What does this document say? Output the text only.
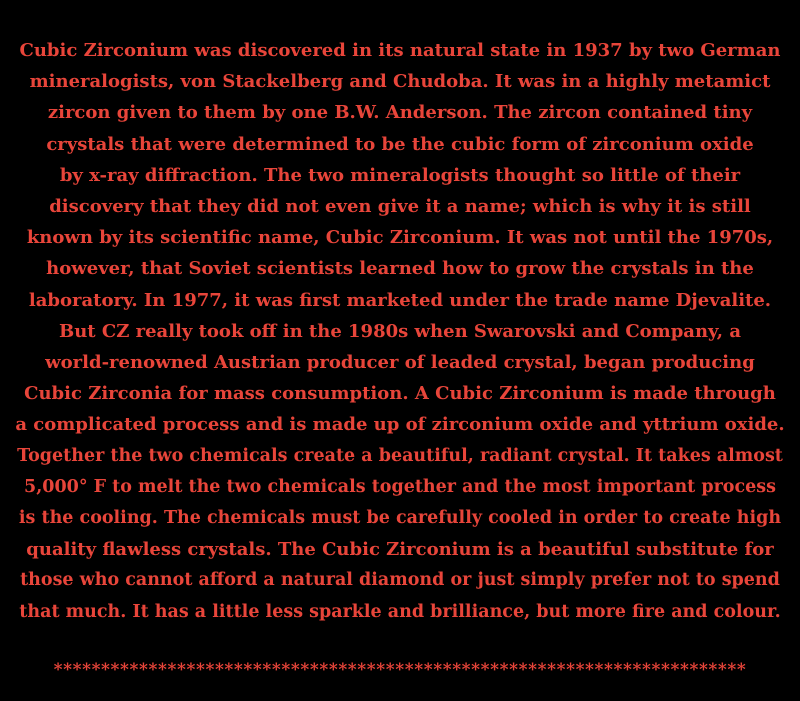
Cubic Zirconium was discovered in its natural state in 1937 by two German
mineralogists, von Stackelberg and Chudoba. It was in a highly metamict
zircon given to them by one B.W. Anderson. The zircon contained tiny
crystals that were determined to be the cubic form of zirconium oxide
by x-ray diffraction. The two mineralogists thought so little of their
discovery that they did not even give it a name; which is why it is still
known by its scientific name, Cubic Zirconium. It was not until the 1970s,
however, that Soviet scientists learned how to grow the crystals in the
laboratory. In 1977, it was first marketed under the trade name Djevalite.
But CZ really took off in the 1980s when Swarovski and Company, a
world-renowned Austrian producer of leaded crystal, began producing
Cubic Zirconia for mass consumption. A Cubic Zirconium is made through
a complicated process and is made up of zirconium oxide and yttrium oxide.
Together the two chemicals create a beautiful, radiant crystal. It takes almost
5,000° F to melt the two chemicals together and the most important process
is the cooling. The chemicals must be carefully cooled in order to create high
quality flawless crystals. The Cubic Zirconium is a beautiful substitute for
those who cannot afford a natural diamond or just simply prefer not to spend
that much. It has a little less sparkle and brilliance, but more fire and colour.
*************************************************************************
